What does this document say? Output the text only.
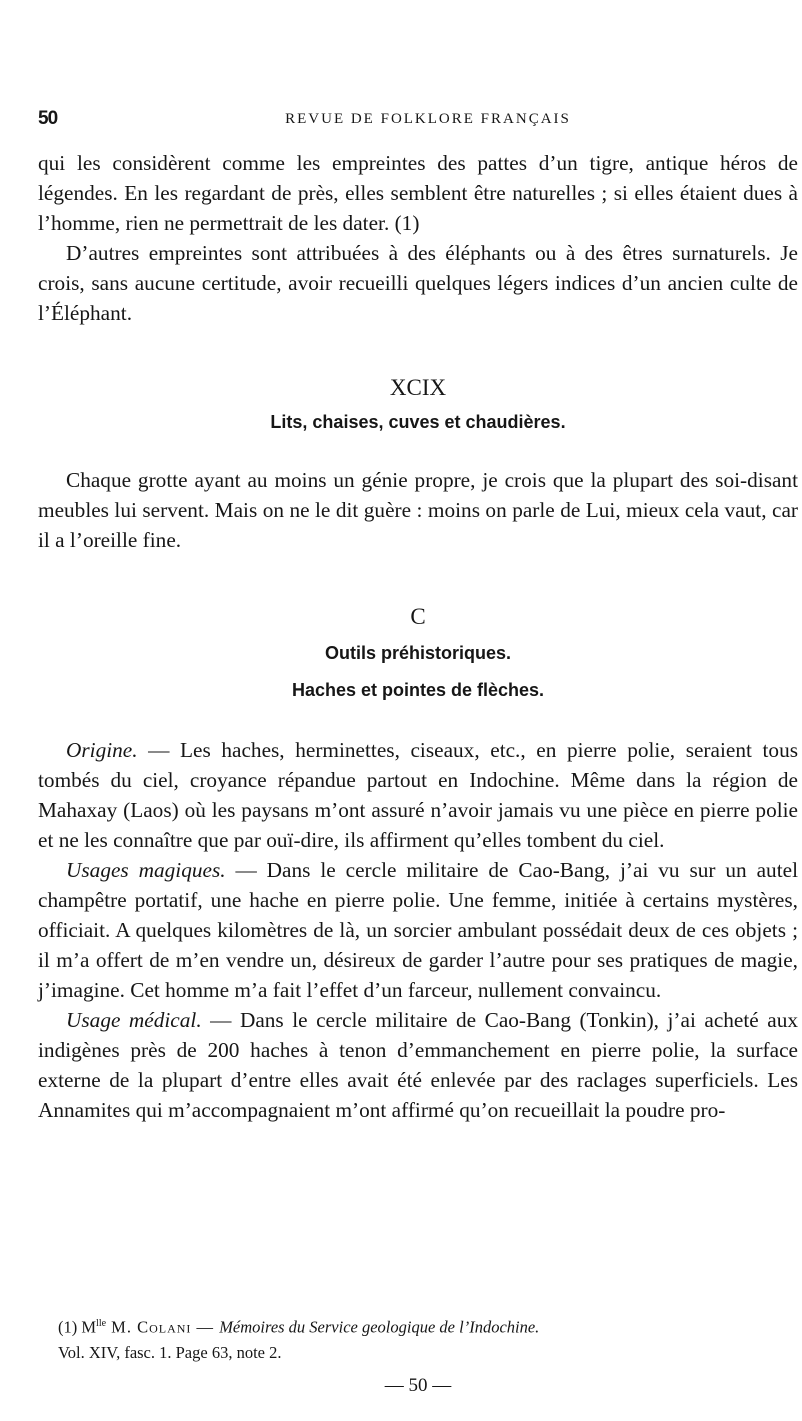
50	REVUE DE FOLKLORE FRANÇAIS

qui les considèrent comme les empreintes des pattes d’un tigre, antique héros de légendes. En les regardant de près, elles semblent être naturelles ; si elles étaient dues à l’homme, rien ne permettrait de les dater. (1)

D’autres empreintes sont attribuées à des éléphants ou à des êtres surnaturels. Je crois, sans aucune certitude, avoir recueilli quelques légers indices d’un ancien culte de l’Éléphant.

XCIX
Lits, chaises, cuves et chaudières.

Chaque grotte ayant au moins un génie propre, je crois que la plupart des soi-disant meubles lui servent. Mais on ne le dit guère : moins on parle de Lui, mieux cela vaut, car il a l’oreille fine.

C
Outils préhistoriques.
Haches et pointes de flèches.

Origine. — Les haches, herminettes, ciseaux, etc., en pierre polie, seraient tous tombés du ciel, croyance répandue partout en Indochine. Même dans la région de Mahaxay (Laos) où les paysans m’ont assuré n’avoir jamais vu une pièce en pierre polie et ne les connaître que par ouï-dire, ils affirment qu’elles tombent du ciel.

Usages magiques. — Dans le cercle militaire de Cao-Bang, j’ai vu sur un autel champêtre portatif, une hache en pierre polie. Une femme, initiée à certains mystères, officiait. A quelques kilomètres de là, un sorcier ambulant possédait deux de ces objets ; il m’a offert de m’en vendre un, désireux de garder l’autre pour ses pratiques de magie, j’imagine. Cet homme m’a fait l’effet d’un farceur, nullement convaincu.

Usage médical. — Dans le cercle militaire de Cao-Bang (Tonkin), j’ai acheté aux indigènes près de 200 haches à tenon d’emmanchement en pierre polie, la surface externe de la plupart d’entre elles avait été enlevée par des raclages superficiels. Les Annamites qui m’accompagnaient m’ont affirmé qu’on recueillait la poudre pro-

(1) $M^{lle}$ M. Colani — Mémoires du Service geologique de l’Indochine.
Vol. XIV, fasc. 1. Page 63, note 2.
— 50 —
